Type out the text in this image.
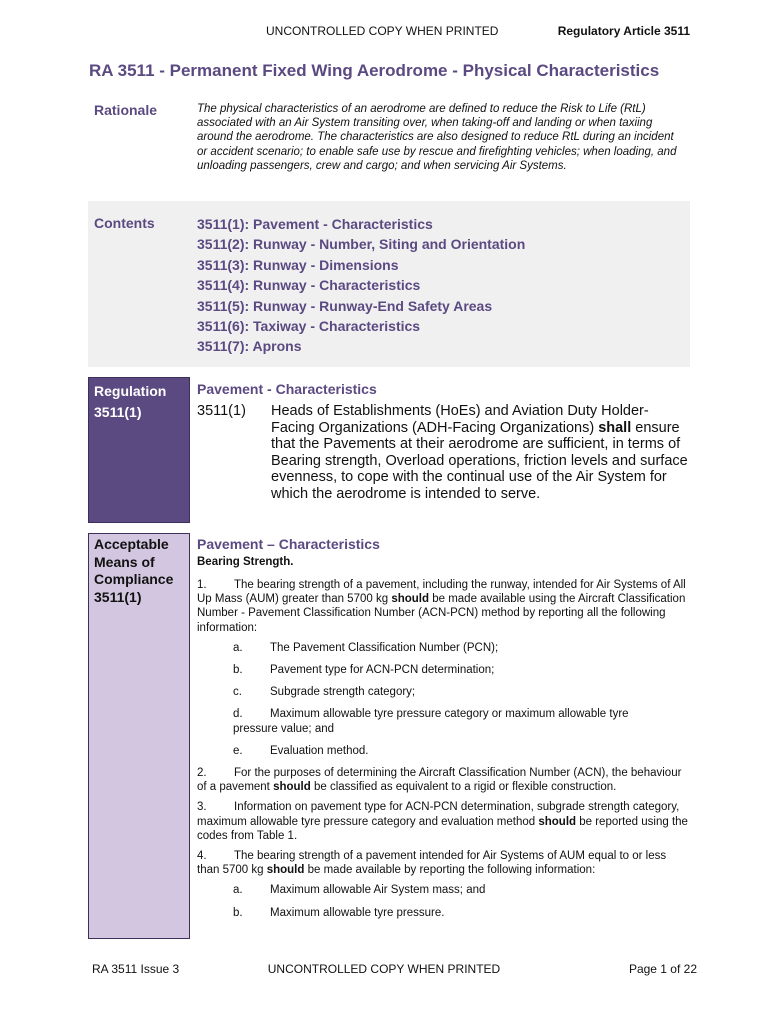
UNCONTROLLED COPY WHEN PRINTED	Regulatory Article 3511
RA 3511 - Permanent Fixed Wing Aerodrome - Physical Characteristics
Rationale	The physical characteristics of an aerodrome are defined to reduce the Risk to Life (RtL) associated with an Air System transiting over, when taking-off and landing or when taxiing around the aerodrome. The characteristics are also designed to reduce RtL during an incident or accident scenario; to enable safe use by rescue and firefighting vehicles; when loading, and unloading passengers, crew and cargo; and when servicing Air Systems.
Contents	3511(1): Pavement - Characteristics
3511(2): Runway - Number, Siting and Orientation
3511(3): Runway - Dimensions
3511(4): Runway - Characteristics
3511(5): Runway - Runway-End Safety Areas
3511(6): Taxiway - Characteristics
3511(7): Aprons
Regulation
3511(1)
Pavement - Characteristics
3511(1) Heads of Establishments (HoEs) and Aviation Duty Holder-Facing Organizations (ADH-Facing Organizations) shall ensure that the Pavements at their aerodrome are sufficient, in terms of Bearing strength, Overload operations, friction levels and surface evenness, to cope with the continual use of the Air System for which the aerodrome is intended to serve.
Acceptable
Means of
Compliance
3511(1)
Pavement – Characteristics
Bearing Strength.

1. The bearing strength of a pavement, including the runway, intended for Air Systems of All Up Mass (AUM) greater than 5700 kg should be made available using the Aircraft Classification Number - Pavement Classification Number (ACN-PCN) method by reporting all the following information:

a.	The Pavement Classification Number (PCN);
b.	Pavement type for ACN-PCN determination;
c.	Subgrade strength category;
d. Maximum allowable tyre pressure category or maximum allowable tyre
pressure value; and
e.	Evaluation method.

2. For the purposes of determining the Aircraft Classification Number (ACN), the behaviour of a pavement should be classified as equivalent to a rigid or flexible construction.

3. Information on pavement type for ACN-PCN determination, subgrade strength category, maximum allowable tyre pressure category and evaluation method should be reported using the codes from Table 1.

4. The bearing strength of a pavement intended for Air Systems of AUM equal to or less than 5700 kg should be made available by reporting the following information:

a.	Maximum allowable Air System mass; and
b.	Maximum allowable tyre pressure.
RA 3511 Issue 3	UNCONTROLLED COPY WHEN PRINTED	Page 1 of 22
